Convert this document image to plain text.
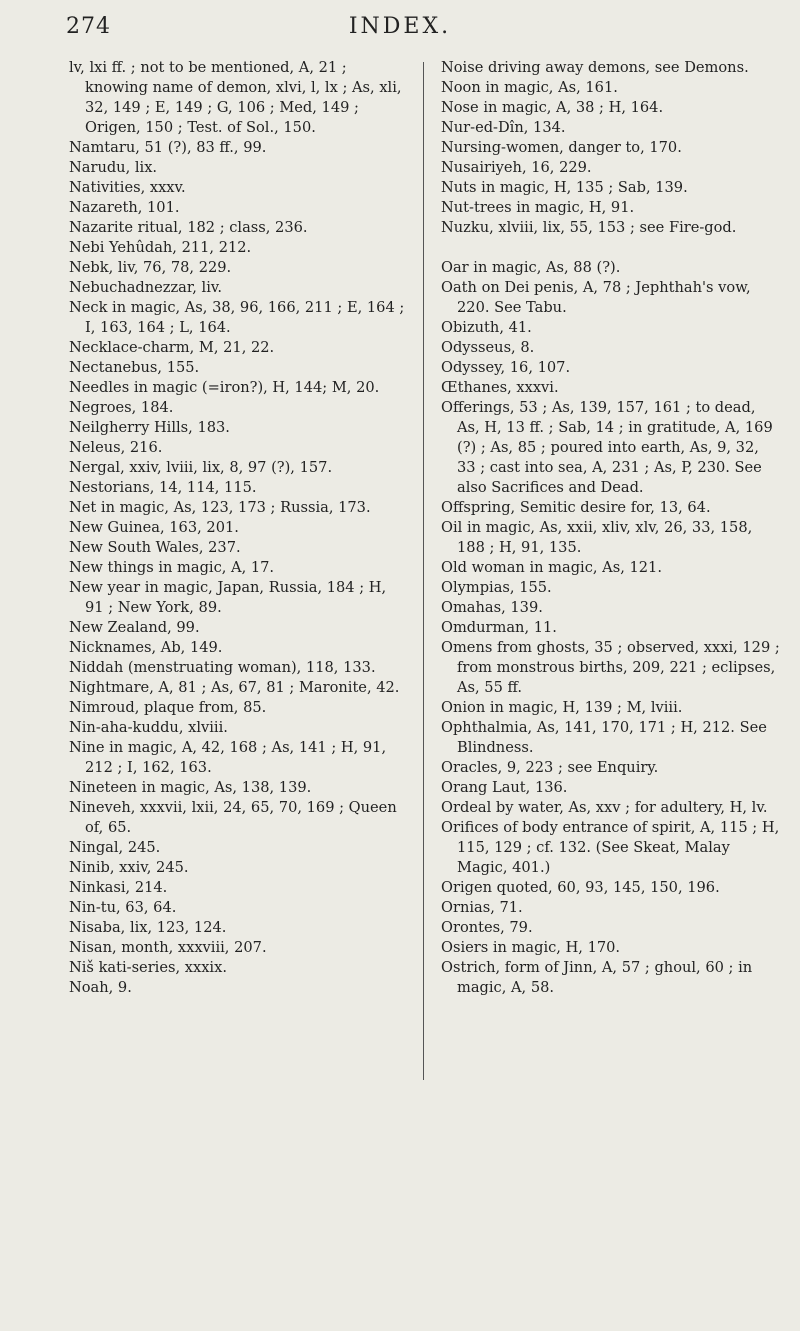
274	INDEX.

lv, lxi ff. ; not to be mentioned, A, 21 ; knowing name of demon, xlvi, l, lx ; As, xli, 32, 149 ; E, 149 ; G, 106 ; Med, 149 ; Origen, 150 ; Test. of Sol., 150.

Namtaru, 51 (?), 83 ff., 99.

Narudu, lix.

Nativities, xxxv.

Nazareth, 101.

Nazarite ritual, 182 ; class, 236.

Nebi Yehûdah, 211, 212.

Nebk, liv, 76, 78, 229.

Nebuchadnezzar, liv.

Neck in magic, As, 38, 96, 166, 211 ; E, 164 ; I, 163, 164 ; L, 164.

Necklace-charm, M, 21, 22.

Nectanebus, 155.

Needles in magic (=iron?), H, 144; M, 20.

Negroes, 184.

Neilgherry Hills, 183.

Neleus, 216.

Nergal, xxiv, lviii, lix, 8, 97 (?), 157.

Nestorians, 14, 114, 115.

Net in magic, As, 123, 173 ; Russia, 173.

New Guinea, 163, 201.

New South Wales, 237.

New things in magic, A, 17.

New year in magic, Japan, Russia, 184 ; H, 91 ; New York, 89.

New Zealand, 99.

Nicknames, Ab, 149.

Niddah (menstruating woman), 118, 133.

Nightmare, A, 81 ; As, 67, 81 ; Maronite, 42.

Nimroud, plaque from, 85.

Nin-aha-kuddu, xlviii.

Nine in magic, A, 42, 168 ; As, 141 ; H, 91, 212 ; I, 162, 163.

Nineteen in magic, As, 138, 139.

Nineveh, xxxvii, lxii, 24, 65, 70, 169 ; Queen of, 65.

Ningal, 245.

Ninib, xxiv, 245.

Ninkasi, 214.

Nin-tu, 63, 64.

Nisaba, lix, 123, 124.

Nisan, month, xxxviii, 207.

Niš kati-series, xxxix.

Noah, 9.

Noise driving away demons, see Demons.

Noon in magic, As, 161.

Nose in magic, A, 38 ; H, 164.

Nur-ed-Dîn, 134.

Nursing-women, danger to, 170.

Nusairiyeh, 16, 229.

Nuts in magic, H, 135 ; Sab, 139.

Nut-trees in magic, H, 91.

Nuzku, xlviii, lix, 55, 153 ; see Fire-god.

Oar in magic, As, 88 (?).

Oath on Dei penis, A, 78 ; Jephthah's vow, 220. See Tabu.

Obizuth, 41.

Odysseus, 8.

Odyssey, 16, 107.

Œthanes, xxxvi.

Offerings, 53 ; As, 139, 157, 161 ; to dead, As, H, 13 ff. ; Sab, 14 ; in gratitude, A, 169 (?) ; As, 85 ; poured into earth, As, 9, 32, 33 ; cast into sea, A, 231 ; As, P, 230. See also Sacrifices and Dead.

Offspring, Semitic desire for, 13, 64.

Oil in magic, As, xxii, xliv, xlv, 26, 33, 158, 188 ; H, 91, 135.

Old woman in magic, As, 121.

Olympias, 155.

Omahas, 139.

Omdurman, 11.

Omens from ghosts, 35 ; observed, xxxi, 129 ; from monstrous births, 209, 221 ; eclipses, As, 55 ff.

Onion in magic, H, 139 ; M, lviii.

Ophthalmia, As, 141, 170, 171 ; H, 212. See Blindness.

Oracles, 9, 223 ; see Enquiry.

Orang Laut, 136.

Ordeal by water, As, xxv ; for adultery, H, lv.

Orifices of body entrance of spirit, A, 115 ; H, 115, 129 ; cf. 132. (See Skeat, Malay Magic, 401.)

Origen quoted, 60, 93, 145, 150, 196.

Ornias, 71.

Orontes, 79.

Osiers in magic, H, 170.

Ostrich, form of Jinn, A, 57 ; ghoul, 60 ; in magic, A, 58.
